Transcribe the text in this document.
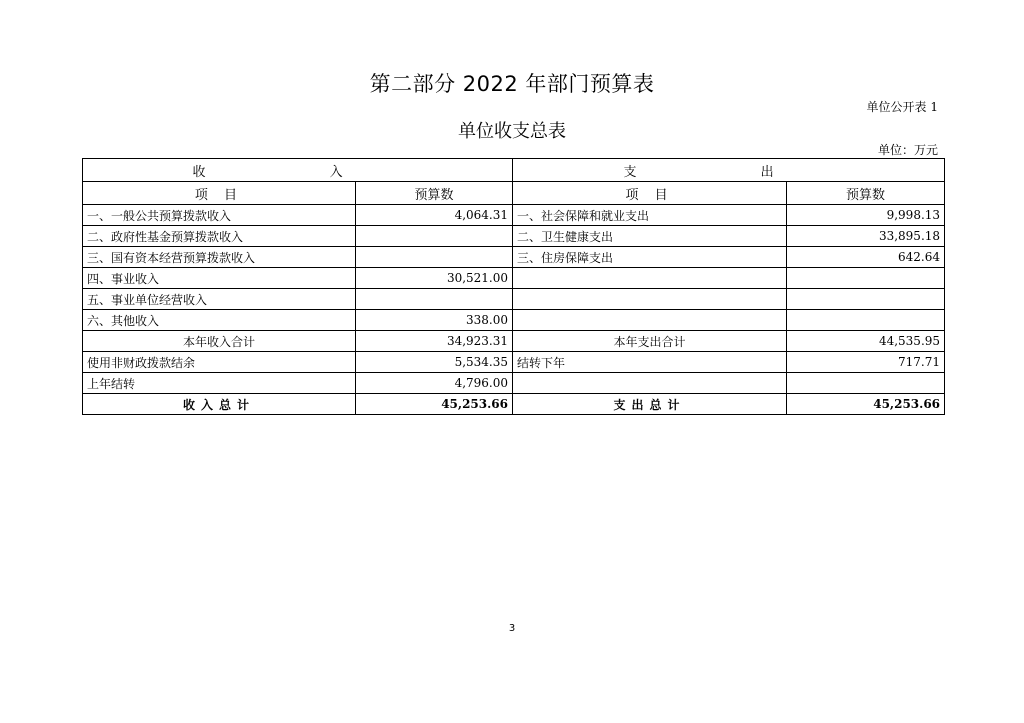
第二部分 2022 年部门预算表
单位公开表 1
单位收支总表
单位：万元
收 入		支 出	
项 目	预算数	项 目	预算数
一、一般公共预算拨款收入	4,064.31	一、社会保障和就业支出	9,998.13
二、政府性基金预算拨款收入		二、卫生健康支出	33,895.18
三、国有资本经营预算拨款收入		三、住房保障支出	642.64
四、事业收入	30,521.00		
五、事业单位经营收入			
六、其他收入	338.00		
本年收入合计	34,923.31	本年支出合计	44,535.95
使用非财政拨款结余	5,534.35	结转下年	717.71
上年结转	4,796.00		
收入总计	45,253.66	支出总计	45,253.66
3
